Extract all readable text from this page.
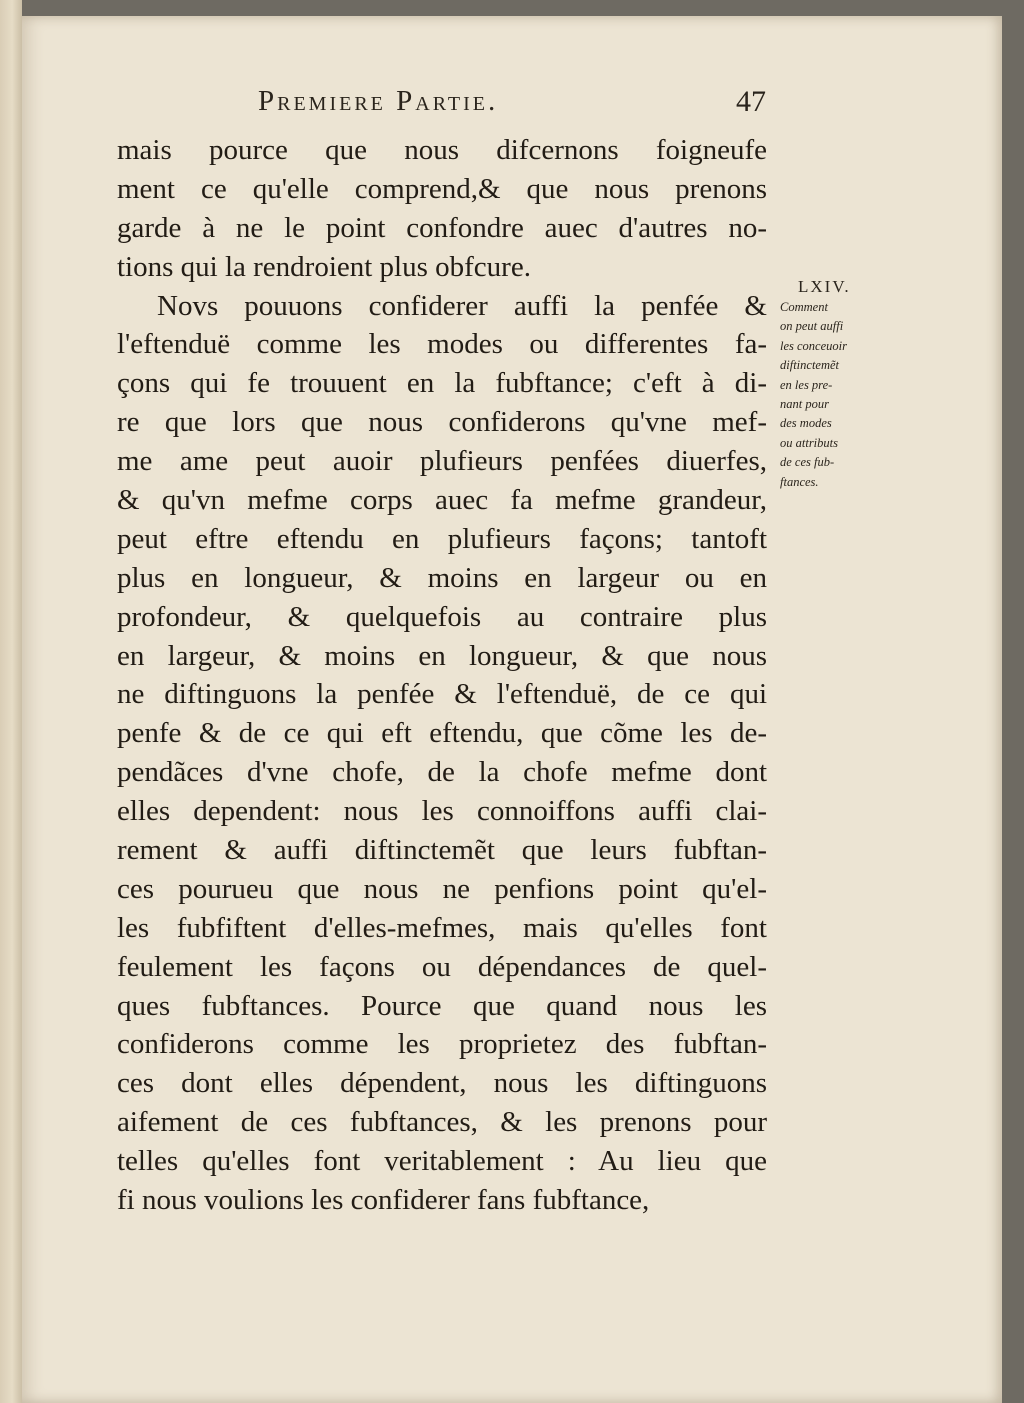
Premiere Partie.	47
mais pource que nous difcernons foigneufe
ment ce qu'elle comprend,& que nous prenons
garde à ne le point confondre auec d'autres no-
tions qui la rendroient plus obfcure.
Novs pouuons confiderer auffi la penfée &
l'eftenduë comme les modes ou differentes fa-
çons qui fe trouuent en la fubftance; c'eft à di-
re que lors que nous confiderons qu'vne mef-
me ame peut auoir plufieurs penfées diuerfes,
& qu'vn mefme corps auec fa mefme grandeur,
peut eftre eftendu en plufieurs façons; tantoft
plus en longueur, & moins en largeur ou en
profondeur, & quelquefois au contraire plus
en largeur, & moins en longueur, & que nous
ne diftinguons la penfée & l'eftenduë, de ce qui
penfe & de ce qui eft eftendu, que cõme les de-
pendãces d'vne chofe, de la chofe mefme dont
elles dependent: nous les connoiffons auffi clai-
rement & auffi diftinctemẽt que leurs fubftan-
ces pourueu que nous ne penfions point qu'el-
les fubfiftent d'elles-mefmes, mais qu'elles font
feulement les façons ou dépendances de quel-
ques fubftances. Pource que quand nous les
confiderons comme les proprietez des fubftan-
ces dont elles dépendent, nous les diftinguons
aifement de ces fubftances, & les prenons pour
telles qu'elles font veritablement : Au lieu que
fi nous voulions les confiderer fans fubftance,
LXIV.
Comment
on peut auffi
les conceuoir
diftinctemẽt
en les pre-
nant pour
des modes
ou attributs
de ces fub-
ftances.
